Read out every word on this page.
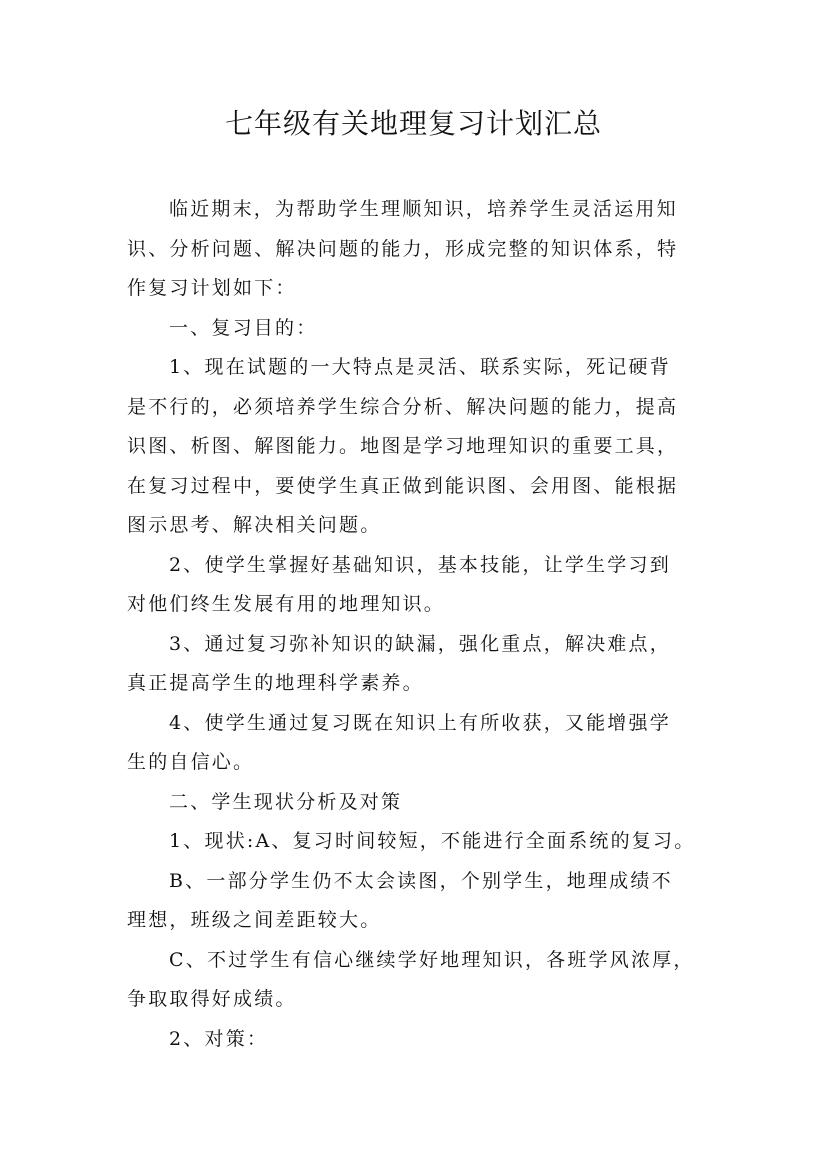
七年级有关地理复习计划汇总
临近期末，为帮助学生理顺知识，培养学生灵活运用知
识、分析问题、解决问题的能力，形成完整的知识体系，特
作复习计划如下：
一、复习目的：
1、现在试题的一大特点是灵活、联系实际，死记硬背
是不行的，必须培养学生综合分析、解决问题的能力，提高
识图、析图、解图能力。地图是学习地理知识的重要工具，
在复习过程中，要使学生真正做到能识图、会用图、能根据
图示思考、解决相关问题。
2、使学生掌握好基础知识，基本技能，让学生学习到
对他们终生发展有用的地理知识。
3、通过复习弥补知识的缺漏，强化重点，解决难点，
真正提高学生的地理科学素养。
4、使学生通过复习既在知识上有所收获，又能增强学
生的自信心。
二、学生现状分析及对策
1、现状:A、复习时间较短，不能进行全面系统的复习。
B、一部分学生仍不太会读图，个别学生，地理成绩不
理想，班级之间差距较大。
C、不过学生有信心继续学好地理知识，各班学风浓厚，
争取取得好成绩。
2、对策：
